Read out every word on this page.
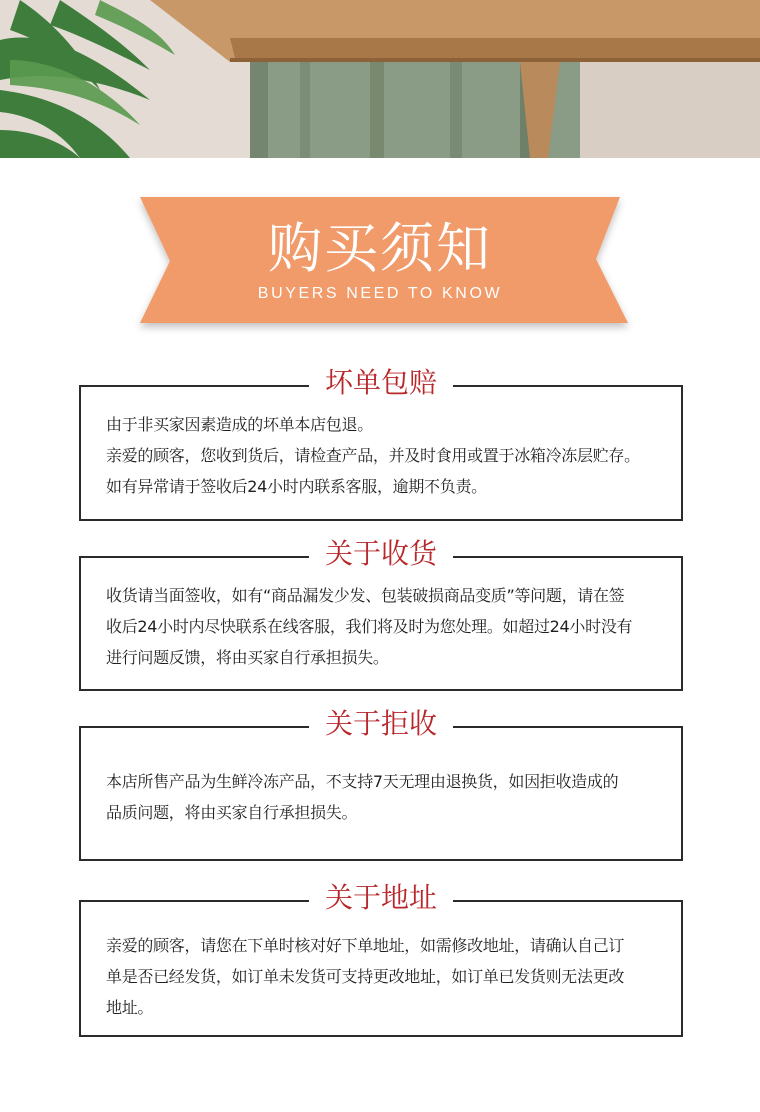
购买须知
BUYERS NEED TO KNOW
坏单包赔

由于非买家因素造成的坏单本店包退。

亲爱的顾客，您收到货后，请检查产品，并及时食用或置于冰箱冷冻层贮存。

如有异常请于签收后24小时内联系客服，逾期不负责。

关于收货

收货请当面签收，如有“商品漏发少发、包装破损商品变质”等问题，请在签

收后24小时内尽快联系在线客服，我们将及时为您处理。如超过24小时没有

进行问题反馈，将由买家自行承担损失。

关于拒收

本店所售产品为生鲜冷冻产品，不支持7天无理由退换货，如因拒收造成的

品质问题，将由买家自行承担损失。

关于地址

亲爱的顾客，请您在下单时核对好下单地址，如需修改地址，请确认自己订

单是否已经发货，如订单未发货可支持更改地址，如订单已发货则无法更改

地址。
